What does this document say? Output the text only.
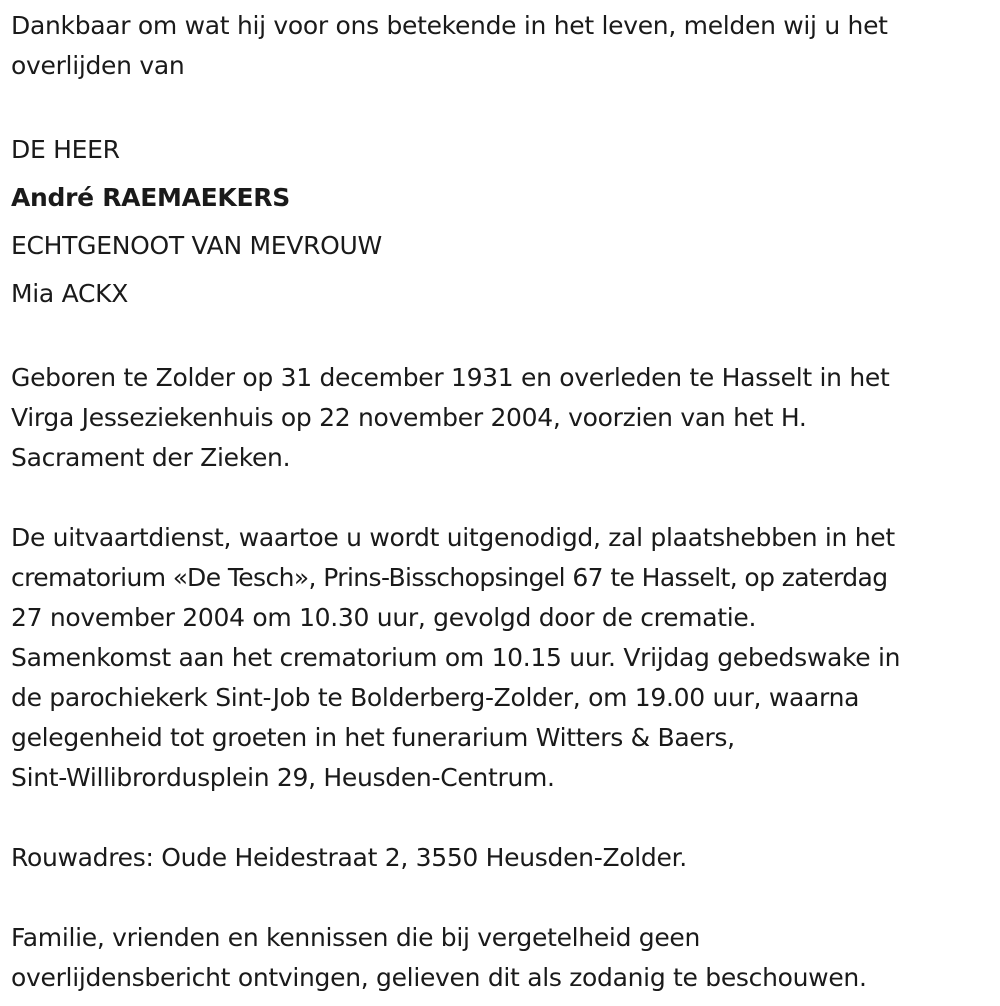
Dankbaar om wat hij voor ons betekende in het leven, melden wij u het

overlijden van

DE HEER

André RAEMAEKERS

ECHTGENOOT VAN MEVROUW

Mia ACKX

Geboren te Zolder op 31 december 1931 en overleden te Hasselt in het

Virga Jesseziekenhuis op 22 november 2004, voorzien van het H.

Sacrament der Zieken.

De uitvaartdienst, waartoe u wordt uitgenodigd, zal plaatshebben in het

crematorium «De Tesch», Prins-Bisschopsingel 67 te Hasselt, op zaterdag

27 november 2004 om 10.30 uur, gevolgd door de crematie.

Samenkomst aan het crematorium om 10.15 uur. Vrijdag gebedswake in

de parochiekerk Sint-Job te Bolderberg-Zolder, om 19.00 uur, waarna

gelegenheid tot groeten in het funerarium Witters & Baers,

Sint-Willibrordusplein 29, Heusden-Centrum.

Rouwadres: Oude Heidestraat 2, 3550 Heusden-Zolder.

Familie, vrienden en kennissen die bij vergetelheid geen

overlijdensbericht ontvingen, gelieven dit als zodanig te beschouwen.
